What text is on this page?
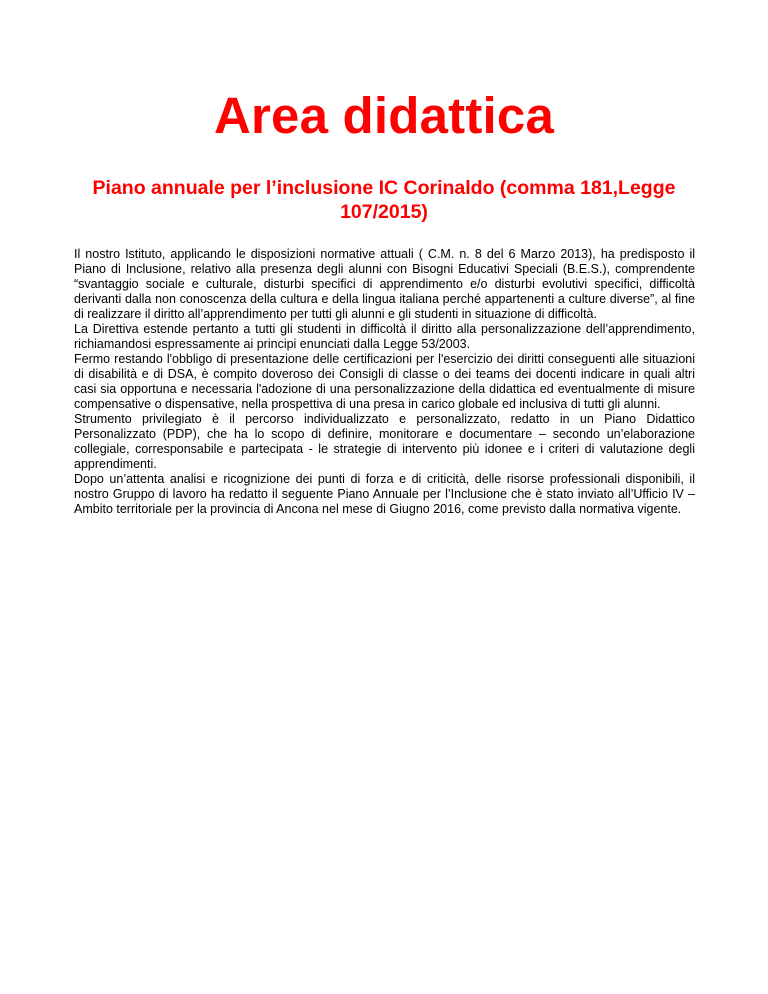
Area didattica
Piano annuale per l’inclusione IC Corinaldo (comma 181,Legge 107/2015)

Il nostro Istituto, applicando le disposizioni normative attuali ( C.M. n. 8 del 6 Marzo 2013), ha predisposto il Piano di Inclusione, relativo alla presenza degli alunni con Bisogni Educativi Speciali (B.E.S.), comprendente “svantaggio sociale e culturale, disturbi specifici di apprendimento e/o disturbi evolutivi specifici, difficoltà derivanti dalla non conoscenza della cultura e della lingua italiana perché appartenenti a culture diverse”, al fine di realizzare il diritto all’apprendimento per tutti gli alunni e gli studenti in situazione di difficoltà.

La Direttiva estende pertanto a tutti gli studenti in difficoltà il diritto alla personalizzazione dell’apprendimento, richiamandosi espressamente ai principi enunciati dalla Legge 53/2003.

Fermo restando l'obbligo di presentazione delle certificazioni per l'esercizio dei diritti conseguenti alle situazioni di disabilità e di DSA, è compito doveroso dei Consigli di classe o dei teams dei docenti indicare in quali altri casi sia opportuna e necessaria l'adozione di una personalizzazione della didattica ed eventualmente di misure compensative o dispensative, nella prospettiva di una presa in carico globale ed inclusiva di tutti gli alunni.

Strumento privilegiato è il percorso individualizzato e personalizzato, redatto in un Piano Didattico Personalizzato (PDP), che ha lo scopo di definire, monitorare e documentare – secondo un’elaborazione collegiale, corresponsabile e partecipata - le strategie di intervento più idonee e i criteri di valutazione degli apprendimenti.

Dopo un’attenta analisi e ricognizione dei punti di forza e di criticità, delle risorse professionali disponibili, il nostro Gruppo di lavoro ha redatto il seguente Piano Annuale per l’Inclusione che è stato inviato all’Ufficio IV – Ambito territoriale per la provincia di Ancona nel mese di Giugno 2016, come previsto dalla normativa vigente.
